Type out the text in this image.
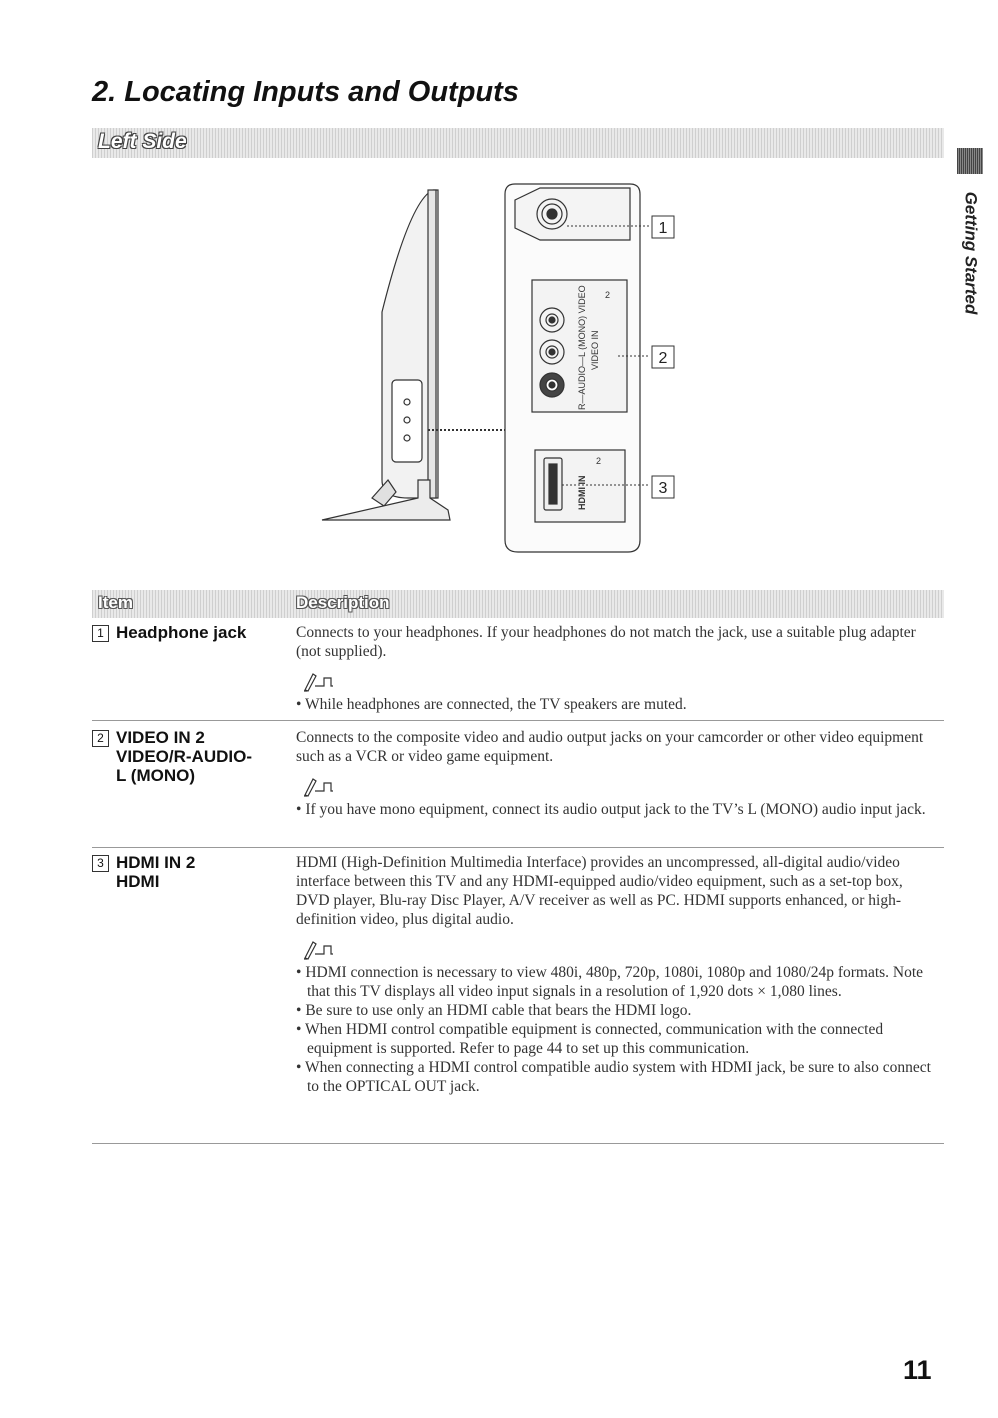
2. Locating Inputs and Outputs
Left Side
Getting Started
R—AUDIO—L (MONO) VIDEO VIDEO IN
2
HDMI IN
2
1
2
3
Item	Description
1 Headphone jack	Connects to your headphones. If your headphones do not match the jack, use a suitable plug adapter (not supplied).

• While headphones are connected, the TV speakers are muted.
2 VIDEO IN 2
VIDEO/R-AUDIO-
L (MONO)

Connects to the composite video and audio output jacks on your camcorder or other video equipment such as a VCR or video game equipment.

• If you have mono equipment, connect its audio output jack to the TV’s L (MONO) audio input jack.
3 HDMI IN 2
HDMI

HDMI (High-Definition Multimedia Interface) provides an uncompressed, all-digital audio/video interface between this TV and any HDMI-equipped audio/video equipment, such as a set-top box, DVD player, Blu-ray Disc Player, A/V receiver as well as PC. HDMI supports enhanced, or high-definition video, plus digital audio.

• HDMI connection is necessary to view 480i, 480p, 720p, 1080i, 1080p and 1080/24p formats. Note that this TV displays all video input signals in a resolution of 1,920 dots × 1,080 lines.
• Be sure to use only an HDMI cable that bears the HDMI logo.
• When HDMI control compatible equipment is connected, communication with the connected equipment is supported. Refer to page 44 to set up this communication.
• When connecting a HDMI control compatible audio system with HDMI jack, be sure to also connect to the OPTICAL OUT jack.
11
